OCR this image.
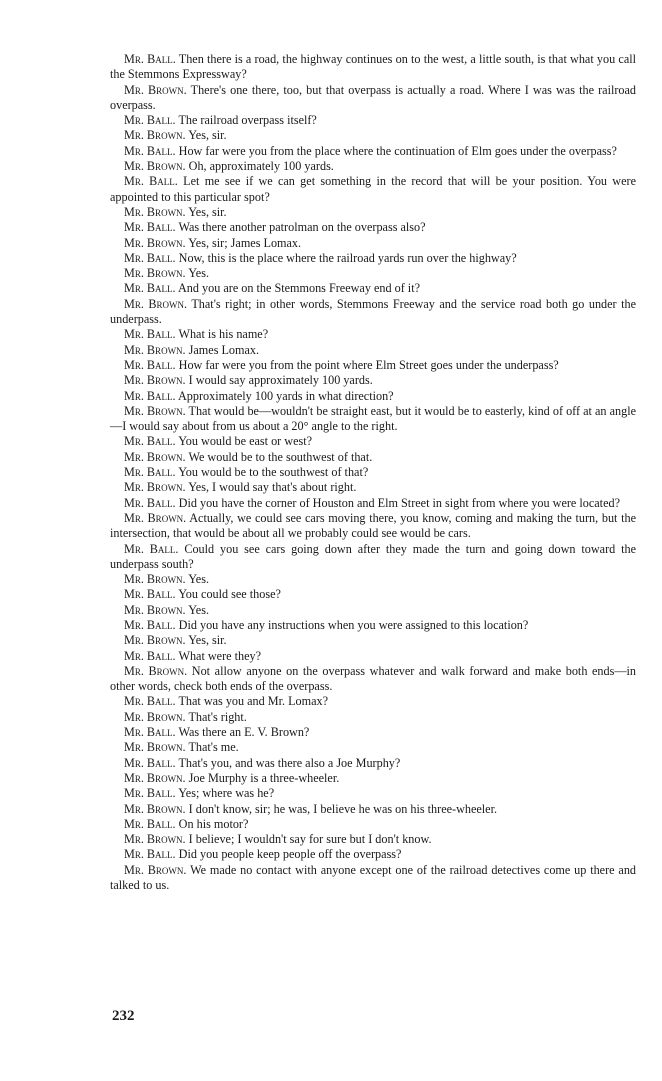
Mr. Ball. Then there is a road, the highway continues on to the west, a little south, is that what you call the Stemmons Expressway?

Mr. Brown. There's one there, too, but that overpass is actually a road. Where I was was the railroad overpass.

Mr. Ball. The railroad overpass itself?

Mr. Brown. Yes, sir.

Mr. Ball. How far were you from the place where the continuation of Elm goes under the overpass?

Mr. Brown. Oh, approximately 100 yards.

Mr. Ball. Let me see if we can get something in the record that will be your position. You were appointed to this particular spot?

Mr. Brown. Yes, sir.

Mr. Ball. Was there another patrolman on the overpass also?

Mr. Brown. Yes, sir; James Lomax.

Mr. Ball. Now, this is the place where the railroad yards run over the highway?

Mr. Brown. Yes.

Mr. Ball. And you are on the Stemmons Freeway end of it?

Mr. Brown. That's right; in other words, Stemmons Freeway and the service road both go under the underpass.

Mr. Ball. What is his name?

Mr. Brown. James Lomax.

Mr. Ball. How far were you from the point where Elm Street goes under the underpass?

Mr. Brown. I would say approximately 100 yards.

Mr. Ball. Approximately 100 yards in what direction?

Mr. Brown. That would be—wouldn't be straight east, but it would be to easterly, kind of off at an angle—I would say about from us about a 20° angle to the right.

Mr. Ball. You would be east or west?

Mr. Brown. We would be to the southwest of that.

Mr. Ball. You would be to the southwest of that?

Mr. Brown. Yes, I would say that's about right.

Mr. Ball. Did you have the corner of Houston and Elm Street in sight from where you were located?

Mr. Brown. Actually, we could see cars moving there, you know, coming and making the turn, but the intersection, that would be about all we probably could see would be cars.

Mr. Ball. Could you see cars going down after they made the turn and going down toward the underpass south?

Mr. Brown. Yes.

Mr. Ball. You could see those?

Mr. Brown. Yes.

Mr. Ball. Did you have any instructions when you were assigned to this location?

Mr. Brown. Yes, sir.

Mr. Ball. What were they?

Mr. Brown. Not allow anyone on the overpass whatever and walk forward and make both ends—in other words, check both ends of the overpass.

Mr. Ball. That was you and Mr. Lomax?

Mr. Brown. That's right.

Mr. Ball. Was there an E. V. Brown?

Mr. Brown. That's me.

Mr. Ball. That's you, and was there also a Joe Murphy?

Mr. Brown. Joe Murphy is a three-wheeler.

Mr. Ball. Yes; where was he?

Mr. Brown. I don't know, sir; he was, I believe he was on his three-wheeler.

Mr. Ball. On his motor?

Mr. Brown. I believe; I wouldn't say for sure but I don't know.

Mr. Ball. Did you people keep people off the overpass?

Mr. Brown. We made no contact with anyone except one of the railroad detectives come up there and talked to us.

232
